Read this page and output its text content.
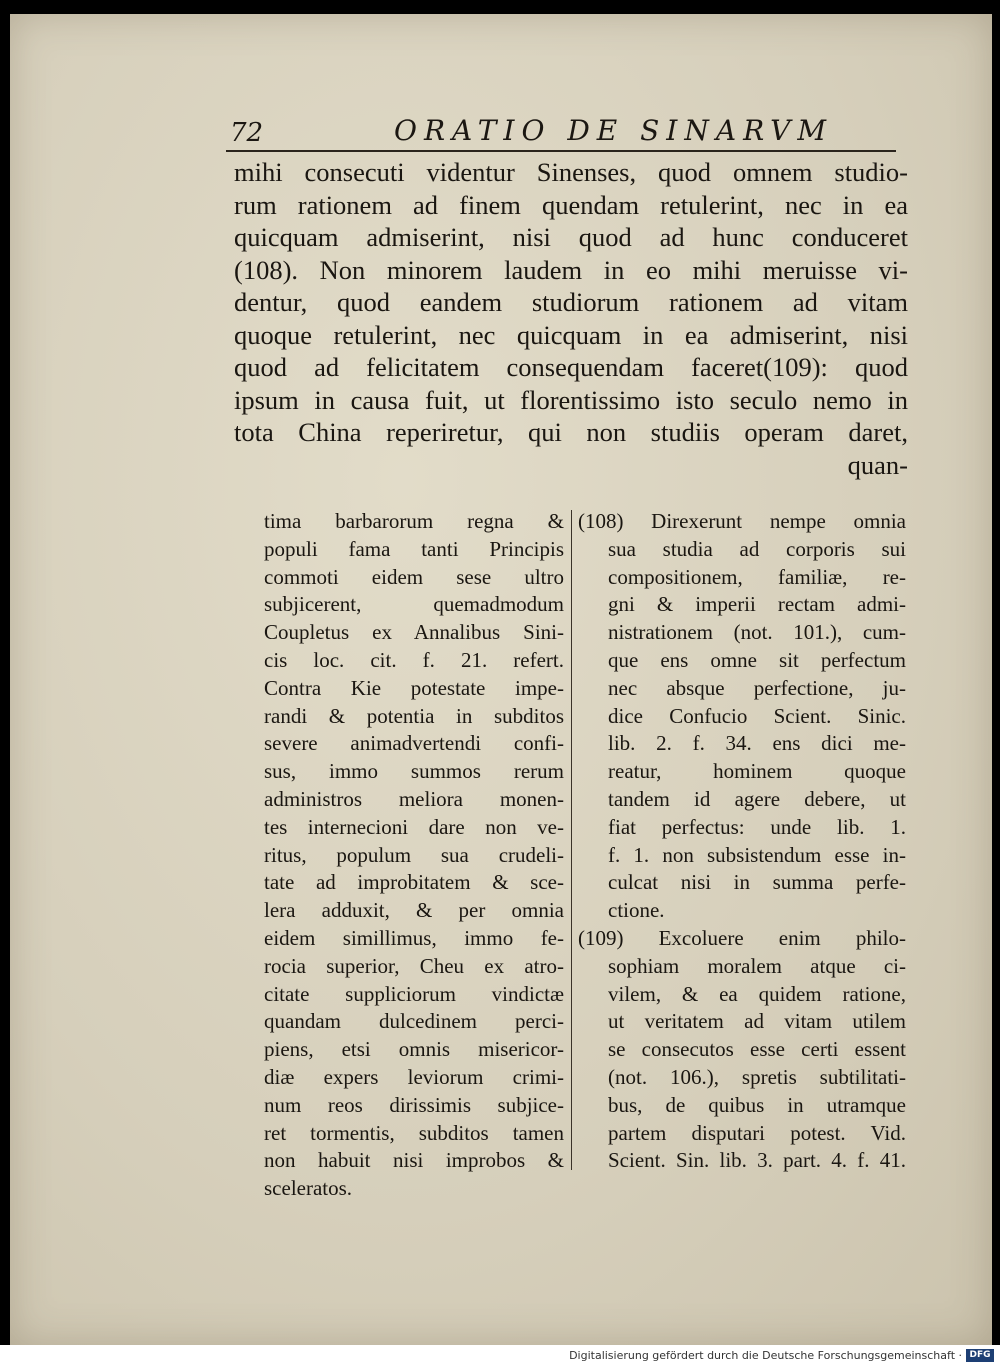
72	ORATIO DE SINARVM
mihi consecuti videntur Sinenses, quod omnem studio-
rum rationem ad finem quendam retulerint, nec in ea
quicquam admiserint, nisi quod ad hunc conduceret
(108). Non minorem laudem in eo mihi meruisse vi-
dentur, quod eandem studiorum rationem ad vitam
quoque retulerint, nec quicquam in ea admiserint, nisi
quod ad felicitatem consequendam faceret(109): quod
ipsum in causa fuit, ut florentissimo isto seculo nemo in
tota China reperiretur, qui non studiis operam daret,
quan-
tima barbarorum regna &
populi fama tanti Principis
commoti eidem sese ultro
subjicerent, quemadmodum
Coupletus ex Annalibus Sini-
cis loc. cit. f. 21. refert.
Contra Kie potestate impe-
randi & potentia in subditos
severe animadvertendi confi-
sus, immo summos rerum
administros meliora monen-
tes internecioni dare non ve-
ritus, populum sua crudeli-
tate ad improbitatem & sce-
lera adduxit, & per omnia
eidem simillimus, immo fe-
rocia superior, Cheu ex atro-
citate suppliciorum vindictæ
quandam dulcedinem perci-
piens, etsi omnis misericor-
diæ expers leviorum crimi-
num reos dirissimis subjice-
ret tormentis, subditos tamen
non habuit nisi improbos &
sceleratos.
(108) Direxerunt nempe omnia
sua studia ad corporis sui
compositionem, familiæ, re-
gni & imperii rectam admi-
nistrationem (not. 101.), cum-
que ens omne sit perfectum
nec absque perfectione, ju-
dice Confucio Scient. Sinic.
lib. 2. f. 34. ens dici me-
reatur, hominem quoque
tandem id agere debere, ut
fiat perfectus: unde lib. 1.
f. 1. non subsistendum esse in-
culcat nisi in summa perfe-
ctione.
(109) Excoluere enim philo-
sophiam moralem atque ci-
vilem, & ea quidem ratione,
ut veritatem ad vitam utilem
se consecutos esse certi essent
(not. 106.), spretis subtilitati-
bus, de quibus in utramque
partem disputari potest. Vid.
Scient. Sin. lib. 3. part. 4. f. 41.
Digitalisierung gefördert durch die Deutsche Forschungsgemeinschaft · DFG
